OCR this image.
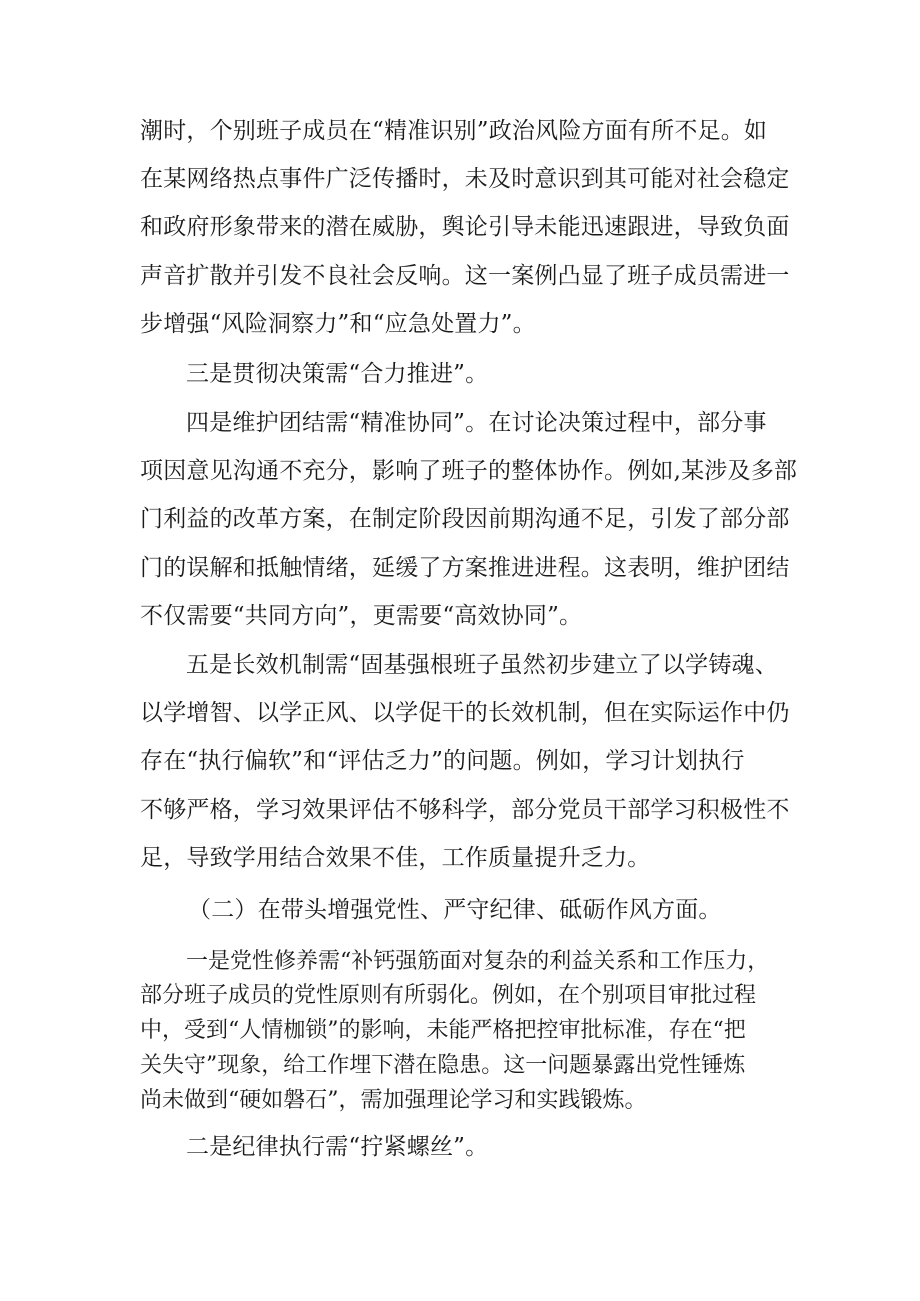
潮时，个别班子成员在“精准识别”政治风险方面有所不足。如
在某网络热点事件广泛传播时，未及时意识到其可能对社会稳定
和政府形象带来的潜在威胁，舆论引导未能迅速跟进，导致负面
声音扩散并引发不良社会反响。这一案例凸显了班子成员需进一
步增强“风险洞察力”和“应急处置力”。
三是贯彻决策需“合力推进”。
四是维护团结需“精准协同”。在讨论决策过程中，部分事
项因意见沟通不充分，影响了班子的整体协作。例如,某涉及多部
门利益的改革方案，在制定阶段因前期沟通不足，引发了部分部
门的误解和抵触情绪，延缓了方案推进进程。这表明，维护团结
不仅需要“共同方向”，更需要“高效协同”。
五是长效机制需“固基强根班子虽然初步建立了以学铸魂、
以学增智、以学正风、以学促干的长效机制，但在实际运作中仍
存在“执行偏软”和“评估乏力”的问题。例如，学习计划执行
不够严格，学习效果评估不够科学，部分党员干部学习积极性不
足，导致学用结合效果不佳，工作质量提升乏力。
（二）在带头增强党性、严守纪律、砥砺作风方面。
一是党性修养需“补钙强筋面对复杂的利益关系和工作压力，
部分班子成员的党性原则有所弱化。例如，在个别项目审批过程
中，受到“人情枷锁”的影响，未能严格把控审批标准，存在“把
关失守”现象，给工作埋下潜在隐患。这一问题暴露出党性锤炼
尚未做到“硬如磐石”，需加强理论学习和实践锻炼。
二是纪律执行需“拧紧螺丝”。
